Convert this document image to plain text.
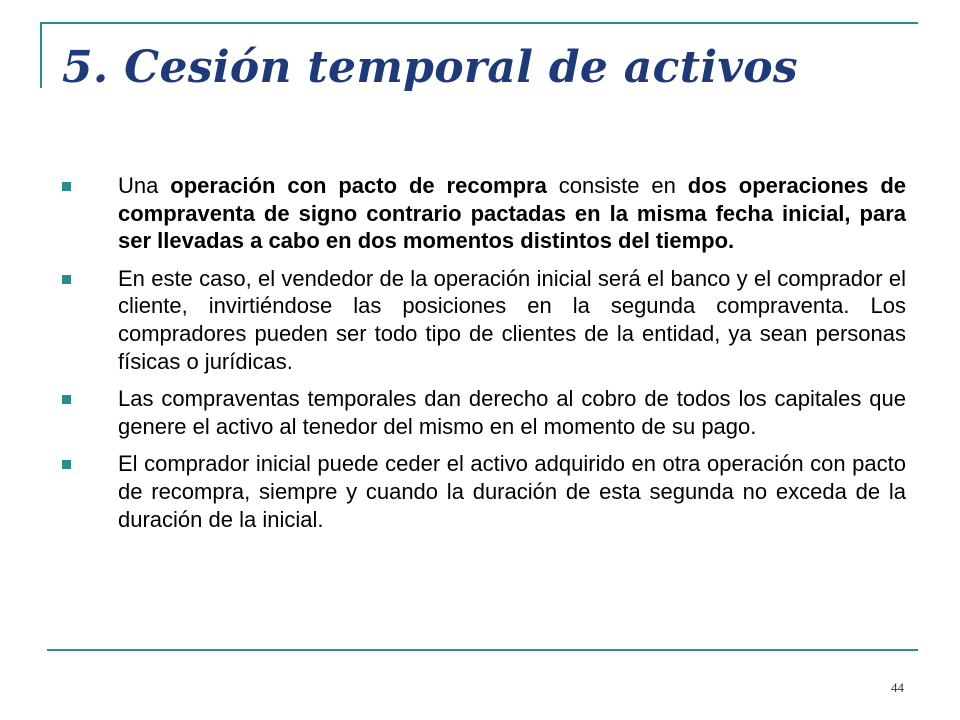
5. Cesión temporal de activos
Una operación con pacto de recompra consiste en dos operaciones de compraventa de signo contrario pactadas en la misma fecha inicial, para ser llevadas a cabo en dos momentos distintos del tiempo.
En este caso, el vendedor de la operación inicial será el banco y el comprador el cliente, invirtiéndose las posiciones en la segunda compraventa. Los compradores pueden ser todo tipo de clientes de la entidad, ya sean personas físicas o jurídicas.
Las compraventas temporales dan derecho al cobro de todos los capitales que genere el activo al tenedor del mismo en el momento de su pago.
El comprador inicial puede ceder el activo adquirido en otra operación con pacto de recompra, siempre y cuando la duración de esta segunda no exceda de la duración de la inicial.
44
